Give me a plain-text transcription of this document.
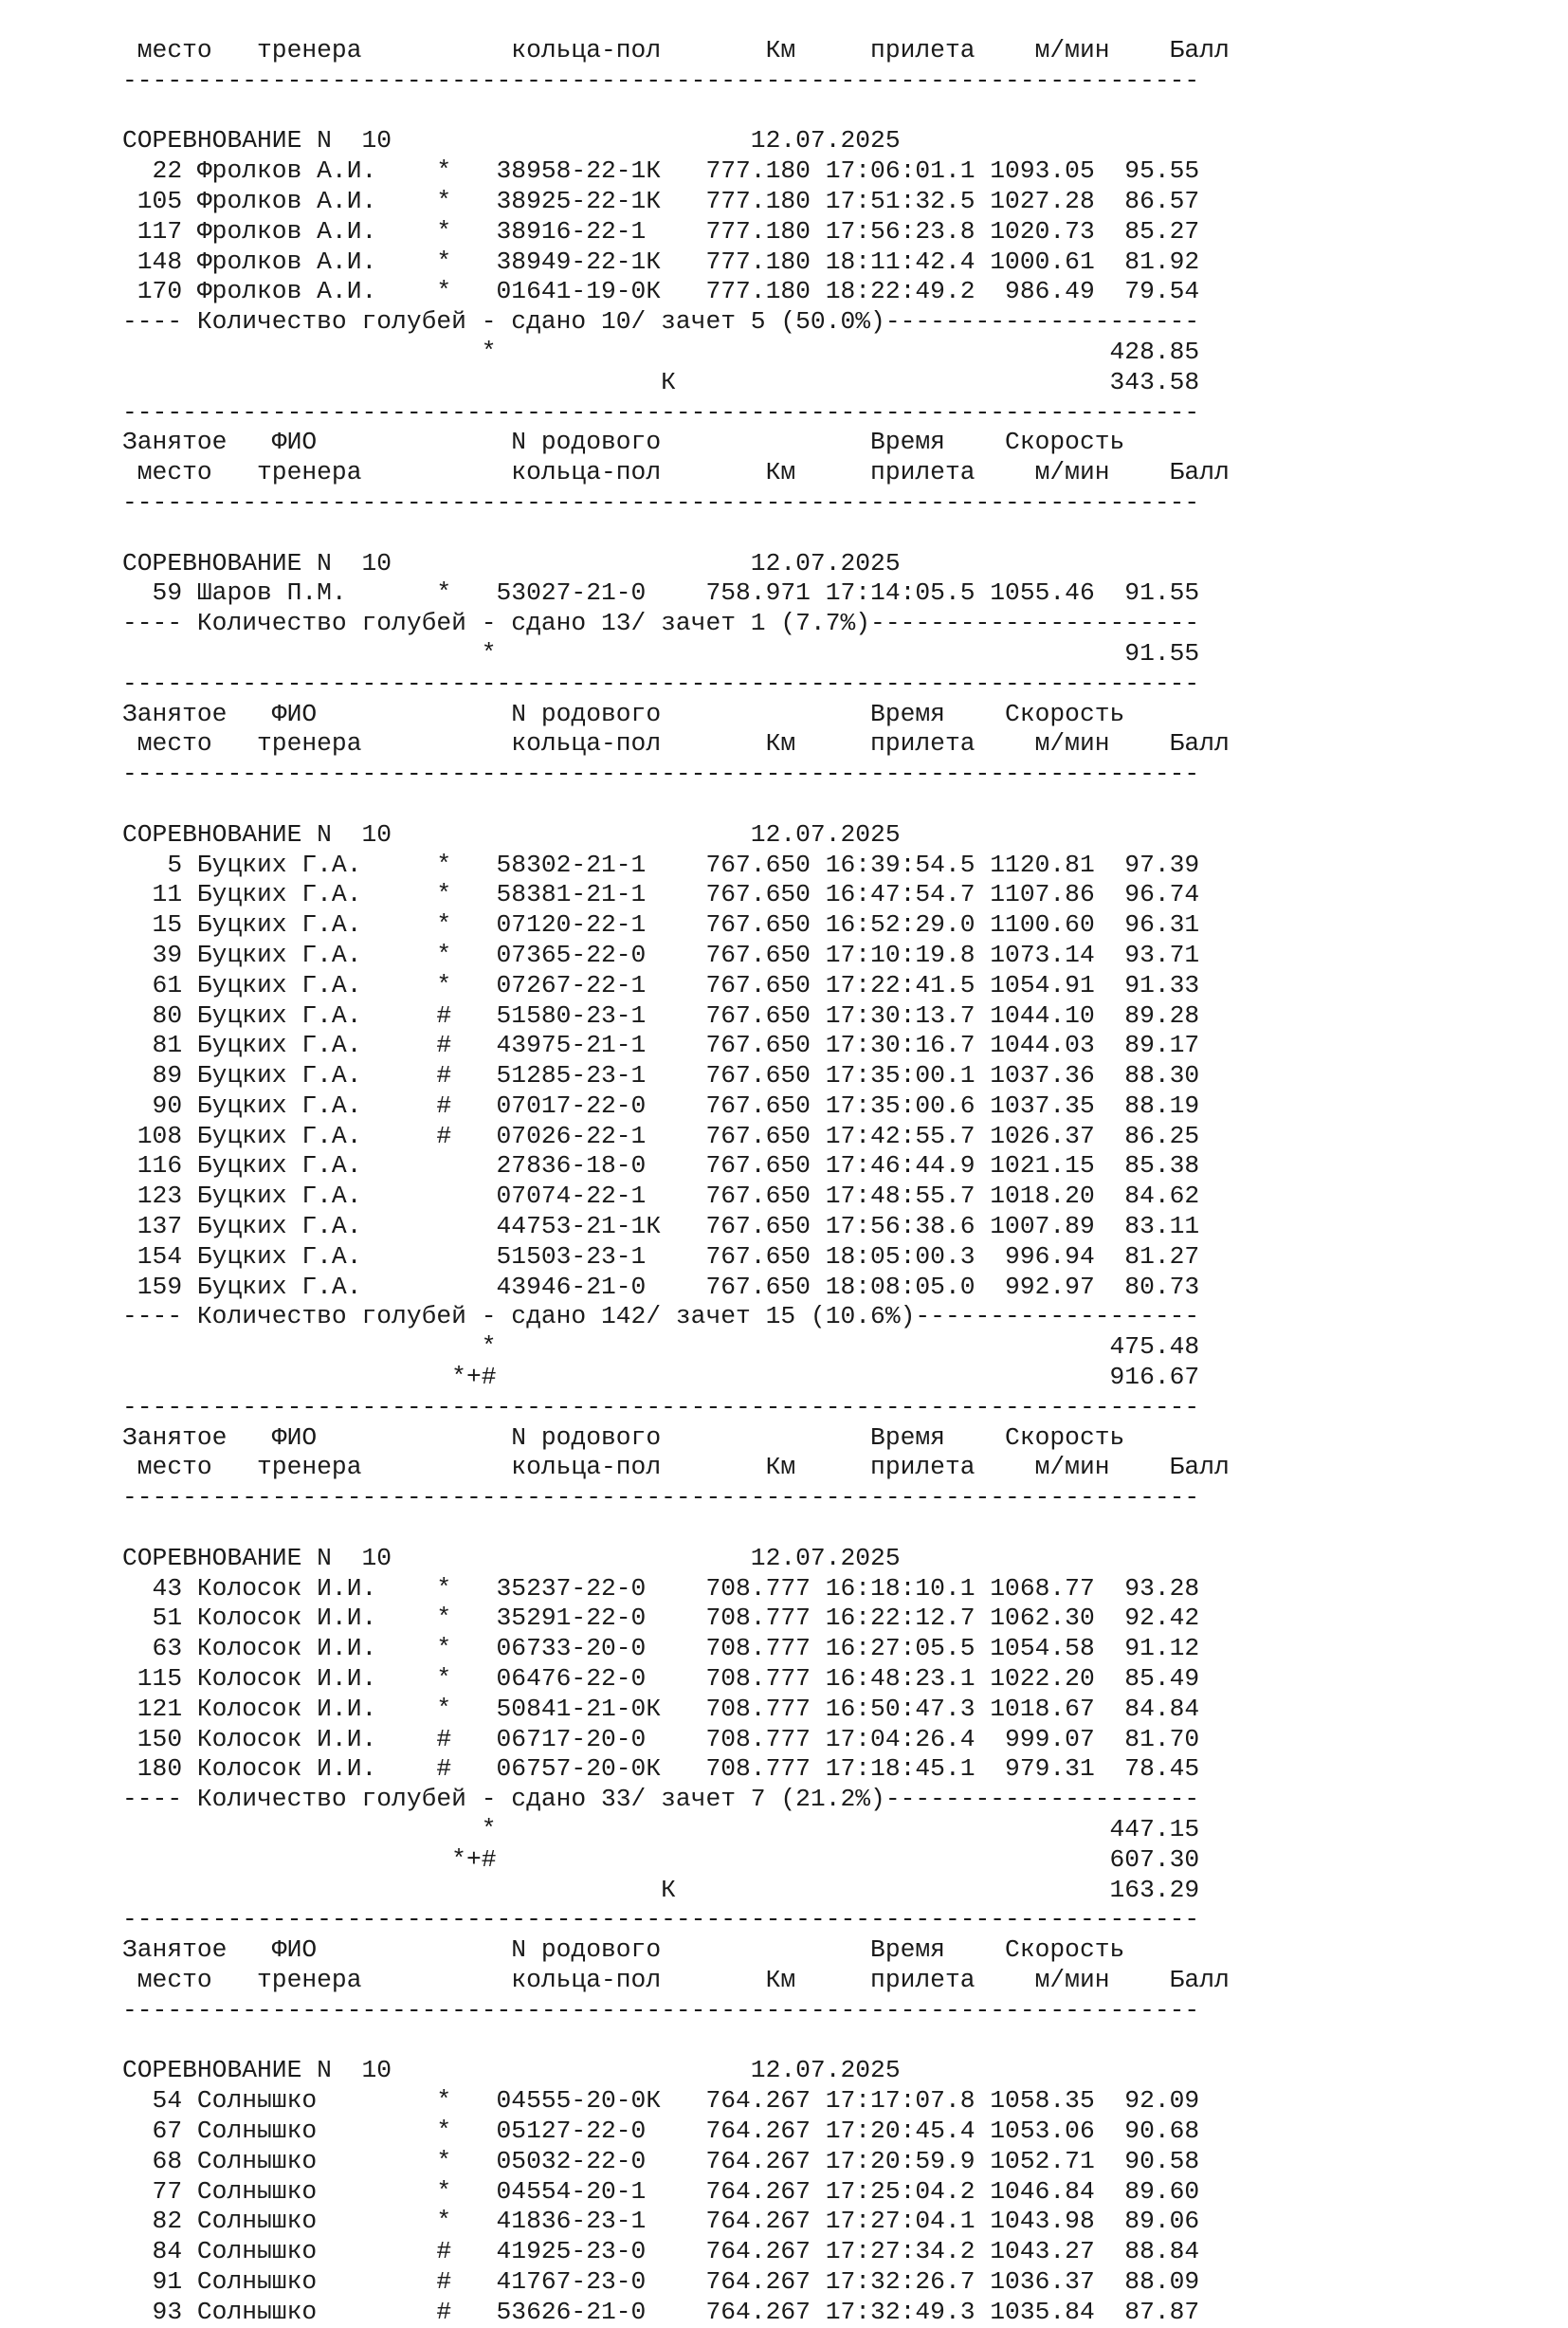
место   тренера          кольца-пол       Км     прилета    м/мин    Балл
------------------------------------------------------------------------
СОРЕВНОВАНИЕ N  10                        12.07.2025
22 Фролков А.И.    *   38958-22-1К   777.180 17:06:01.1 1093.05  95.55
105 Фролков А.И.    *   38925-22-1К   777.180 17:51:32.5 1027.28  86.57
117 Фролков А.И.    *   38916-22-1    777.180 17:56:23.8 1020.73  85.27
148 Фролков А.И.    *   38949-22-1К   777.180 18:11:42.4 1000.61  81.92
170 Фролков А.И.    *   01641-19-0К   777.180 18:22:49.2  986.49  79.54
---- Количество голубей - сдано 10/ зачет 5 (50.0%)---------------------
*                                         428.85
К                             343.58
------------------------------------------------------------------------
Занятое   ФИО             N родового              Время    Скорость
место   тренера          кольца-пол       Км     прилета    м/мин    Балл
------------------------------------------------------------------------
СОРЕВНОВАНИЕ N  10                        12.07.2025
59 Шаров П.М.      *   53027-21-0    758.971 17:14:05.5 1055.46  91.55
---- Количество голубей - сдано 13/ зачет 1 (7.7%)----------------------
*                                          91.55
------------------------------------------------------------------------
Занятое   ФИО             N родового              Время    Скорость
место   тренера          кольца-пол       Км     прилета    м/мин    Балл
------------------------------------------------------------------------
СОРЕВНОВАНИЕ N  10                        12.07.2025
5 Буцких Г.А.     *   58302-21-1    767.650 16:39:54.5 1120.81  97.39
11 Буцких Г.А.     *   58381-21-1    767.650 16:47:54.7 1107.86  96.74
15 Буцких Г.А.     *   07120-22-1    767.650 16:52:29.0 1100.60  96.31
39 Буцких Г.А.     *   07365-22-0    767.650 17:10:19.8 1073.14  93.71
61 Буцких Г.А.     *   07267-22-1    767.650 17:22:41.5 1054.91  91.33
80 Буцких Г.А.     #   51580-23-1    767.650 17:30:13.7 1044.10  89.28
81 Буцких Г.А.     #   43975-21-1    767.650 17:30:16.7 1044.03  89.17
89 Буцких Г.А.     #   51285-23-1    767.650 17:35:00.1 1037.36  88.30
90 Буцких Г.А.     #   07017-22-0    767.650 17:35:00.6 1037.35  88.19
108 Буцких Г.А.     #   07026-22-1    767.650 17:42:55.7 1026.37  86.25
116 Буцких Г.А.         27836-18-0    767.650 17:46:44.9 1021.15  85.38
123 Буцких Г.А.         07074-22-1    767.650 17:48:55.7 1018.20  84.62
137 Буцких Г.А.         44753-21-1К   767.650 17:56:38.6 1007.89  83.11
154 Буцких Г.А.         51503-23-1    767.650 18:05:00.3  996.94  81.27
159 Буцких Г.А.         43946-21-0    767.650 18:08:05.0  992.97  80.73
---- Количество голубей - сдано 142/ зачет 15 (10.6%)-------------------
*                                         475.48
*+#                                         916.67
------------------------------------------------------------------------
Занятое   ФИО             N родового              Время    Скорость
место   тренера          кольца-пол       Км     прилета    м/мин    Балл
------------------------------------------------------------------------
СОРЕВНОВАНИЕ N  10                        12.07.2025
43 Колосок И.И.    *   35237-22-0    708.777 16:18:10.1 1068.77  93.28
51 Колосок И.И.    *   35291-22-0    708.777 16:22:12.7 1062.30  92.42
63 Колосок И.И.    *   06733-20-0    708.777 16:27:05.5 1054.58  91.12
115 Колосок И.И.    *   06476-22-0    708.777 16:48:23.1 1022.20  85.49
121 Колосок И.И.    *   50841-21-0К   708.777 16:50:47.3 1018.67  84.84
150 Колосок И.И.    #   06717-20-0    708.777 17:04:26.4  999.07  81.70
180 Колосок И.И.    #   06757-20-0К   708.777 17:18:45.1  979.31  78.45
---- Количество голубей - сдано 33/ зачет 7 (21.2%)---------------------
*                                         447.15
*+#                                         607.30
К                             163.29
------------------------------------------------------------------------
Занятое   ФИО             N родового              Время    Скорость
место   тренера          кольца-пол       Км     прилета    м/мин    Балл
------------------------------------------------------------------------
СОРЕВНОВАНИЕ N  10                        12.07.2025
54 Солнышко        *   04555-20-0К   764.267 17:17:07.8 1058.35  92.09
67 Солнышко        *   05127-22-0    764.267 17:20:45.4 1053.06  90.68
68 Солнышко        *   05032-22-0    764.267 17:20:59.9 1052.71  90.58
77 Солнышко        *   04554-20-1    764.267 17:25:04.2 1046.84  89.60
82 Солнышко        *   41836-23-1    764.267 17:27:04.1 1043.98  89.06
84 Солнышко        #   41925-23-0    764.267 17:27:34.2 1043.27  88.84
91 Солнышко        #   41767-23-0    764.267 17:32:26.7 1036.37  88.09
93 Солнышко        #   53626-21-0    764.267 17:32:49.3 1035.84  87.87
